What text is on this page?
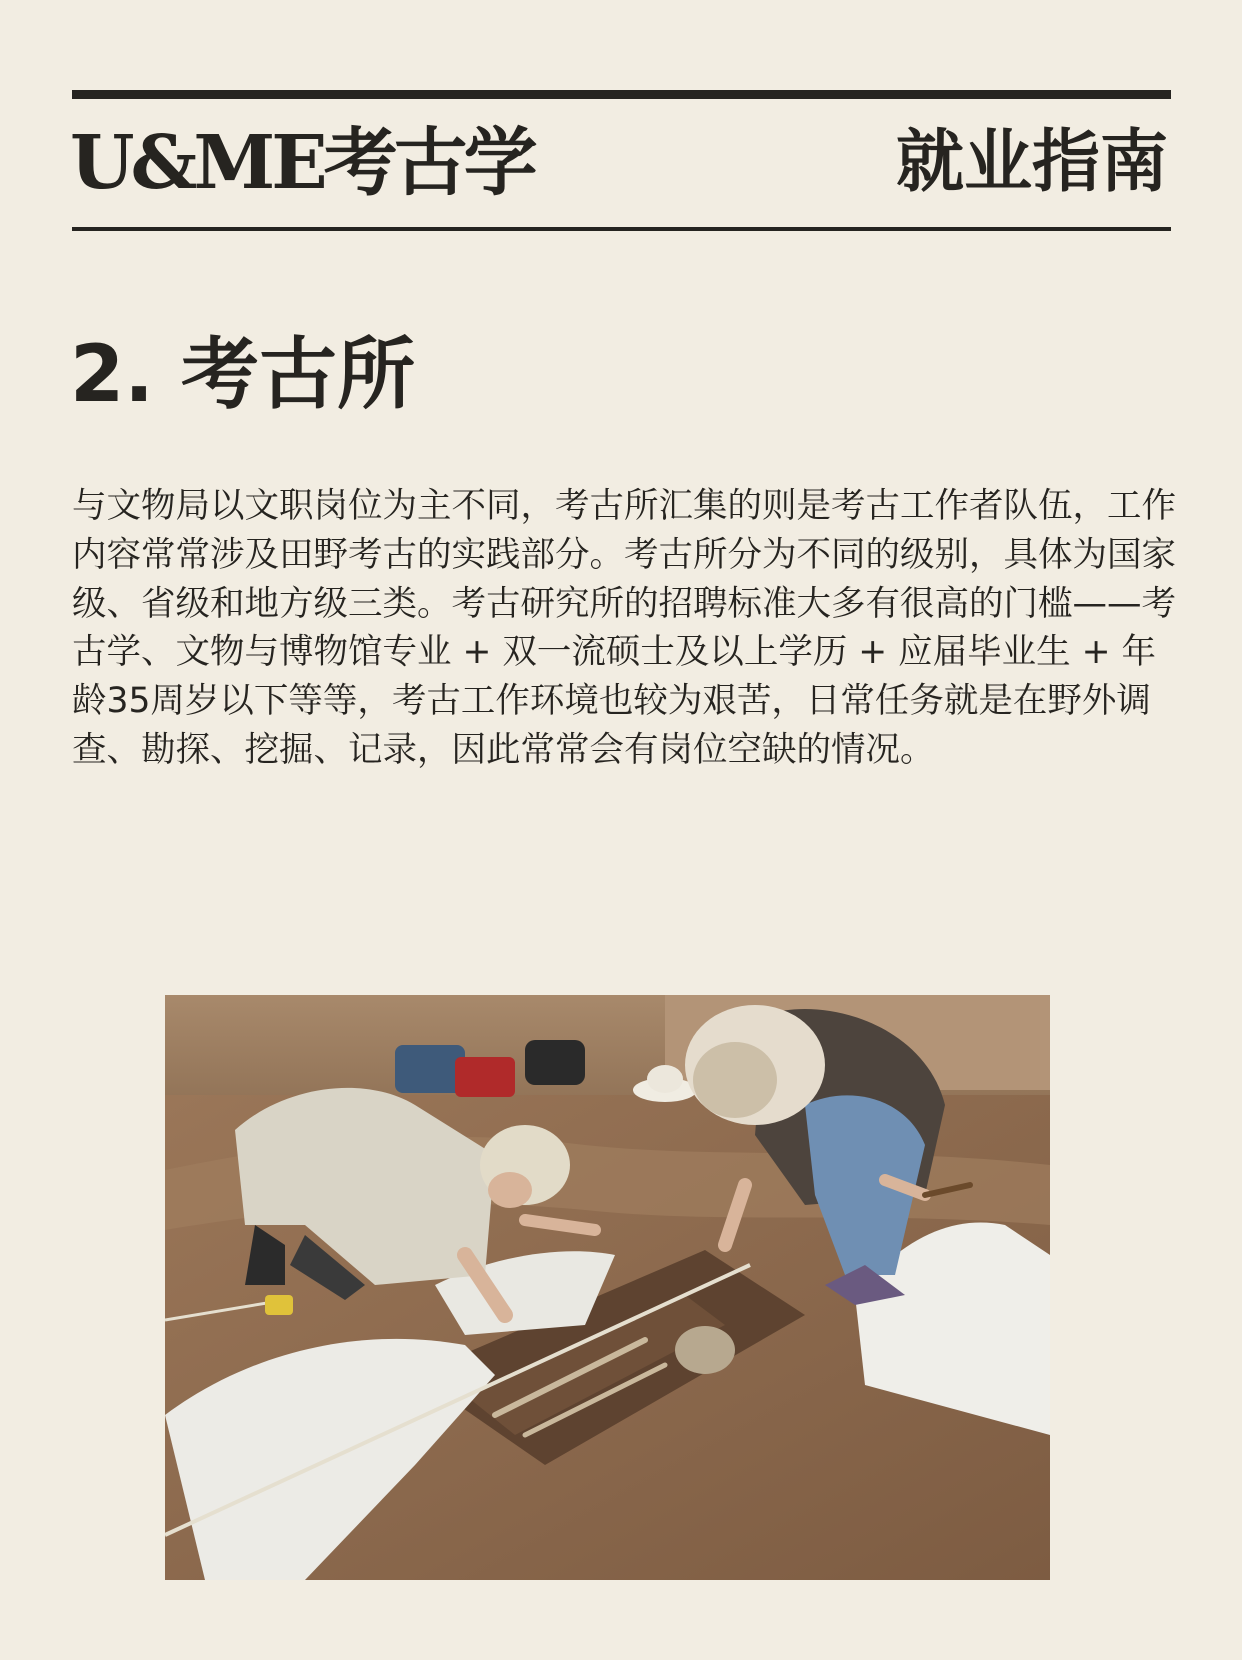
U&ME考古学	就业指南
2. 考古所

与文物局以文职岗位为主不同，考古所汇集的则是考古工作者队伍，工作内容常常涉及田野考古的实践部分。考古所分为不同的级别，具体为国家级、省级和地方级三类。考古研究所的招聘标准大多有很高的门槛——考古学、文物与博物馆专业 + 双一流硕士及以上学历 + 应届毕业生 + 年龄35周岁以下等等，考古工作环境也较为艰苦，日常任务就是在野外调查、勘探、挖掘、记录，因此常常会有岗位空缺的情况。
